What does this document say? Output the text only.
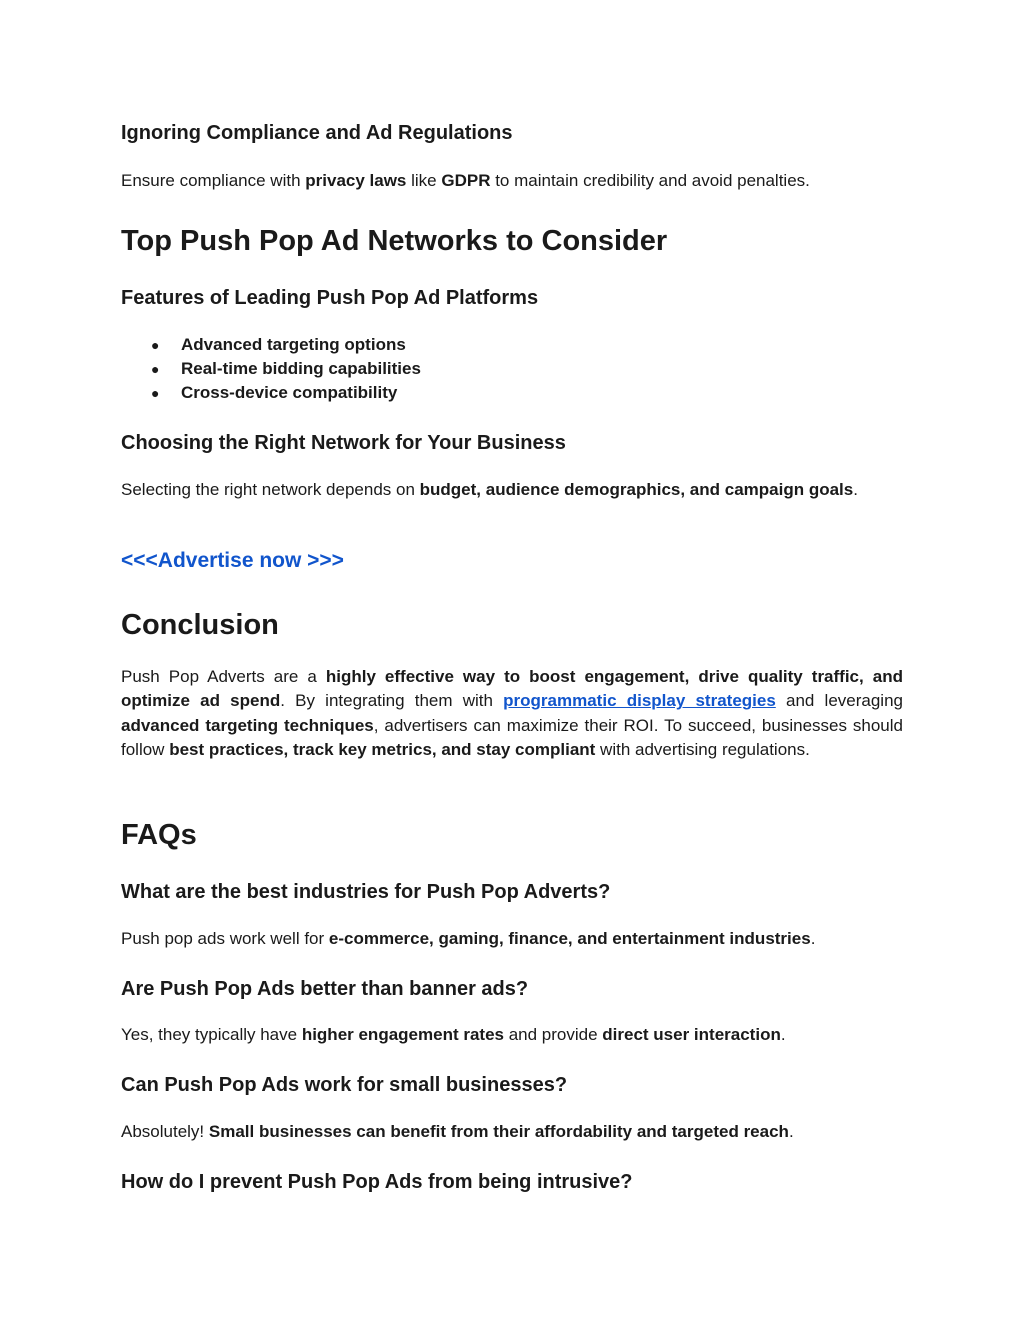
Ignoring Compliance and Ad Regulations

Ensure compliance with privacy laws like GDPR to maintain credibility and avoid penalties.

Top Push Pop Ad Networks to Consider
Features of Leading Push Pop Ad Platforms
● Advanced targeting options
● Real-time bidding capabilities
● Cross-device compatibility
Choosing the Right Network for Your Business

Selecting the right network depends on budget, audience demographics, and campaign goals.

<<<Advertise now >>>
Conclusion

Push Pop Adverts are a highly effective way to boost engagement, drive quality traffic, and optimize ad spend. By integrating them with programmatic display strategies and leveraging advanced targeting techniques, advertisers can maximize their ROI. To succeed, businesses should follow best practices, track key metrics, and stay compliant with advertising regulations.

FAQs
What are the best industries for Push Pop Adverts?

Push pop ads work well for e-commerce, gaming, finance, and entertainment industries.

Are Push Pop Ads better than banner ads?

Yes, they typically have higher engagement rates and provide direct user interaction.

Can Push Pop Ads work for small businesses?

Absolutely! Small businesses can benefit from their affordability and targeted reach.

How do I prevent Push Pop Ads from being intrusive?
